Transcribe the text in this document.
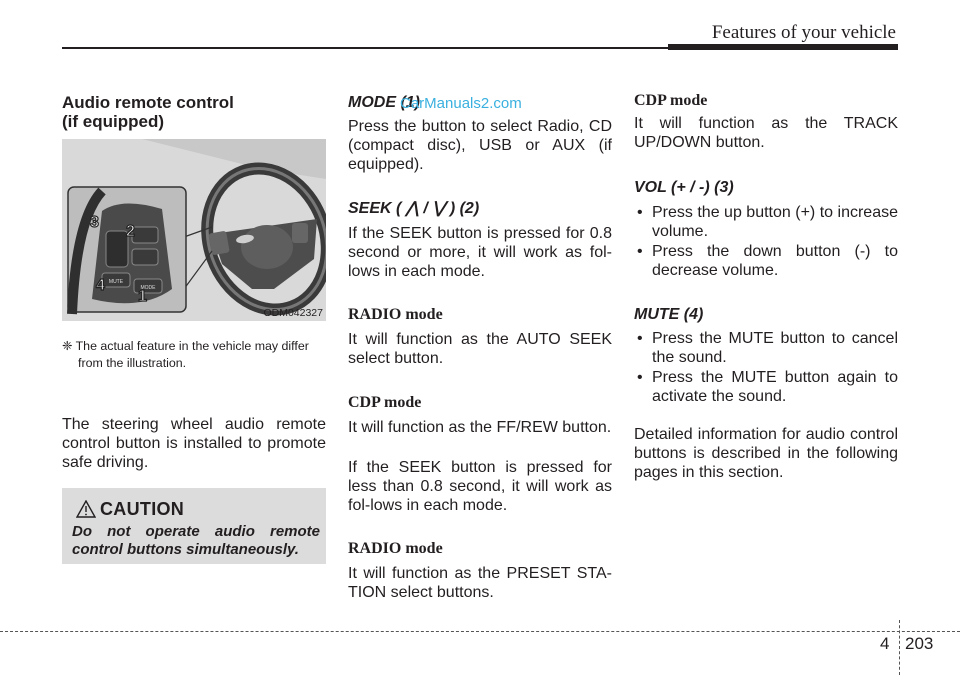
Features of your vehicle
Audio remote control
(if equipped)
MUTE
MODE
3
2
4
1
ODM042327
❈ The actual feature in the vehicle may differ
from the illustration.
The steering wheel audio remote control button is installed to promote safe driving.
CAUTION
Do not operate audio remote control buttons simultaneously.
MODE (1)
CarManuals2.com
Press the button to select Radio, CD (compact disc), USB or AUX (if equipped).
SEEK ( ⋀ / ⋁ ) (2)
If the SEEK button is pressed for 0.8 second or more, it will work as fol-lows in each mode.
RADIO mode
It will function as the AUTO SEEK select button.
CDP mode
It will function as the FF/REW button.
If the SEEK button is pressed for less than 0.8 second, it will work as fol-lows in each mode.
RADIO mode
It will function as the PRESET STA-TION select buttons.
CDP mode
It will function as the TRACK UP/DOWN button.
VOL (+ / -) (3)
• Press the up button (+) to increase volume.
• Press the down button (-) to decrease volume.
MUTE (4)
• Press the MUTE button to cancel the sound.
• Press the MUTE button again to activate the sound.
Detailed information for audio control buttons is described in the following pages in this section.
4 203
